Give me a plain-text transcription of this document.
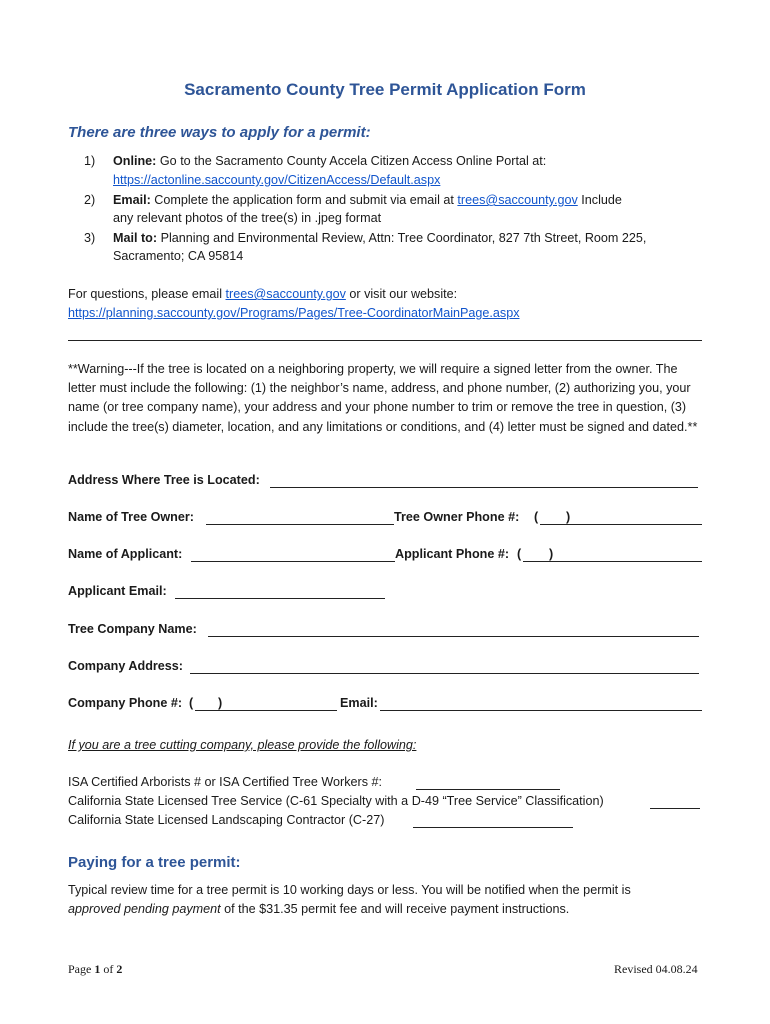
Sacramento County Tree Permit Application Form
There are three ways to apply for a permit:
1) Online: Go to the Sacramento County Accela Citizen Access Online Portal at:
https://actonline.saccounty.gov/CitizenAccess/Default.aspx
2) Email: Complete the application form and submit via email at trees@saccounty.gov Include
any relevant photos of the tree(s) in .jpeg format
3) Mail to: Planning and Environmental Review, Attn: Tree Coordinator, 827 7th Street, Room 225,
Sacramento; CA 95814
For questions, please email trees@saccounty.gov or visit our website:
https://planning.saccounty.gov/Programs/Pages/Tree-CoordinatorMainPage.aspx
**Warning---If the tree is located on a neighboring property, we will require a signed letter from the owner. The letter must include the following: (1) the neighbor’s name, address, and phone number, (2) authorizing you, your name (or tree company name), your address and your phone number to trim or remove the tree in question, (3) include the tree(s) diameter, location, and any limitations or conditions, and (4) letter must be signed and dated.**
Address Where Tree is Located:
Name of Tree Owner:	Tree Owner Phone #: ( )
Name of Applicant:	Applicant Phone #: ( )
Applicant Email:
Tree Company Name:
Company Address:
Company Phone #: ( )	Email:
If you are a tree cutting company, please provide the following:
ISA Certified Arborists # or ISA Certified Tree Workers #:
California State Licensed Tree Service (C-61 Specialty with a D-49 “Tree Service” Classification)
California State Licensed Landscaping Contractor (C-27)
Paying for a tree permit:
Typical review time for a tree permit is 10 working days or less. You will be notified when the permit is
approved pending payment of the $31.35 permit fee and will receive payment instructions.
Page 1 of 2	Revised 04.08.24
